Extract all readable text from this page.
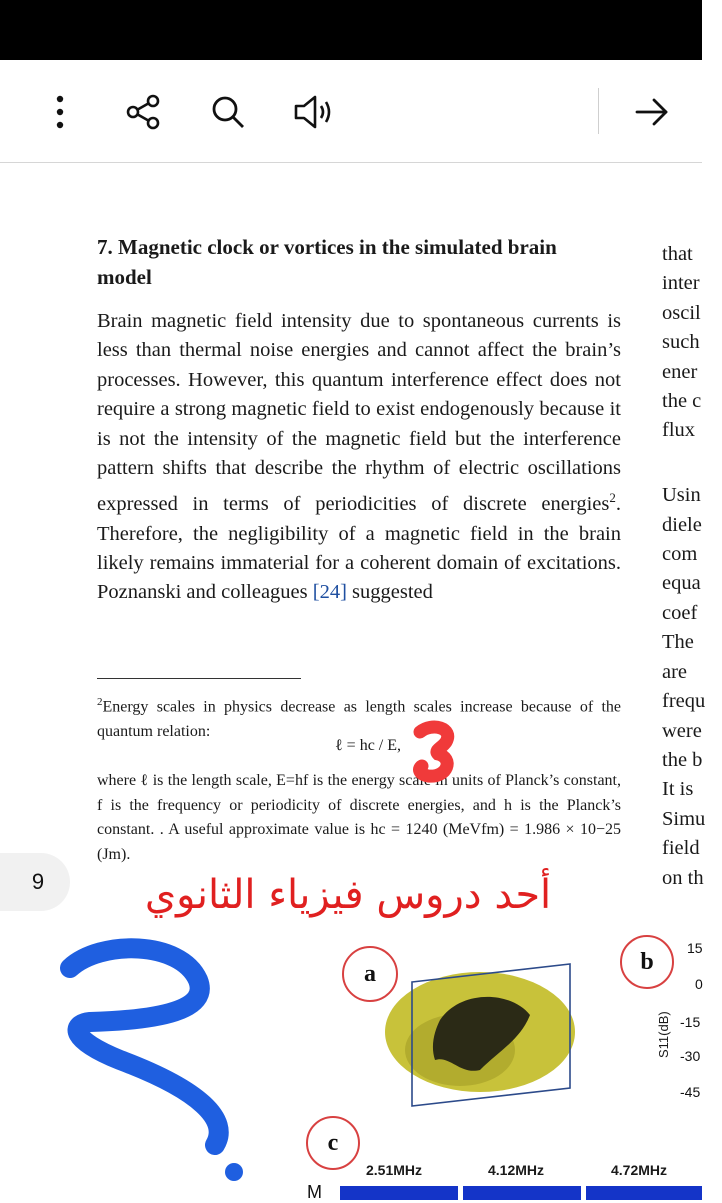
7. Magnetic clock or vortices in the simulated brain
model
Brain magnetic field intensity due to spontaneous currents is less than thermal noise energies and cannot affect the brain’s processes. However, this quantum interference effect does not require a strong magnetic field to exist endogenously because it is not the intensity of the magnetic field but the interference pattern shifts that describe the rhythm of electric oscillations expressed in terms of periodicities of discrete energies$^2$. Therefore, the negligibility of a magnetic field in the brain likely remains immaterial for a coherent domain of excitations. Poznanski and colleagues [24] suggested
$^2$Energy scales in physics decrease as length scales increase because of the quantum relation:
ℓ = hc / E,
where ℓ is the length scale, E=hf is the energy scale in units of Planck’s constant, f is the frequency or periodicity of discrete energies, and h is the Planck’s constant. . A useful approximate value is hc = 1240 (MeVfm) = 1.986 × 10−25 (Jm).
that
inter
oscil
such
ener
the c
flux

Usin
diele
com
equa
coef
The
are
frequ
were
the b
It is
Simu
field
on th
9	أحد دروس فيزياء الثانوي
a	b
15
0
-15
-30
-45
S11(dB)
c
2.51MHz	4.12MHz	4.72MHz
M
